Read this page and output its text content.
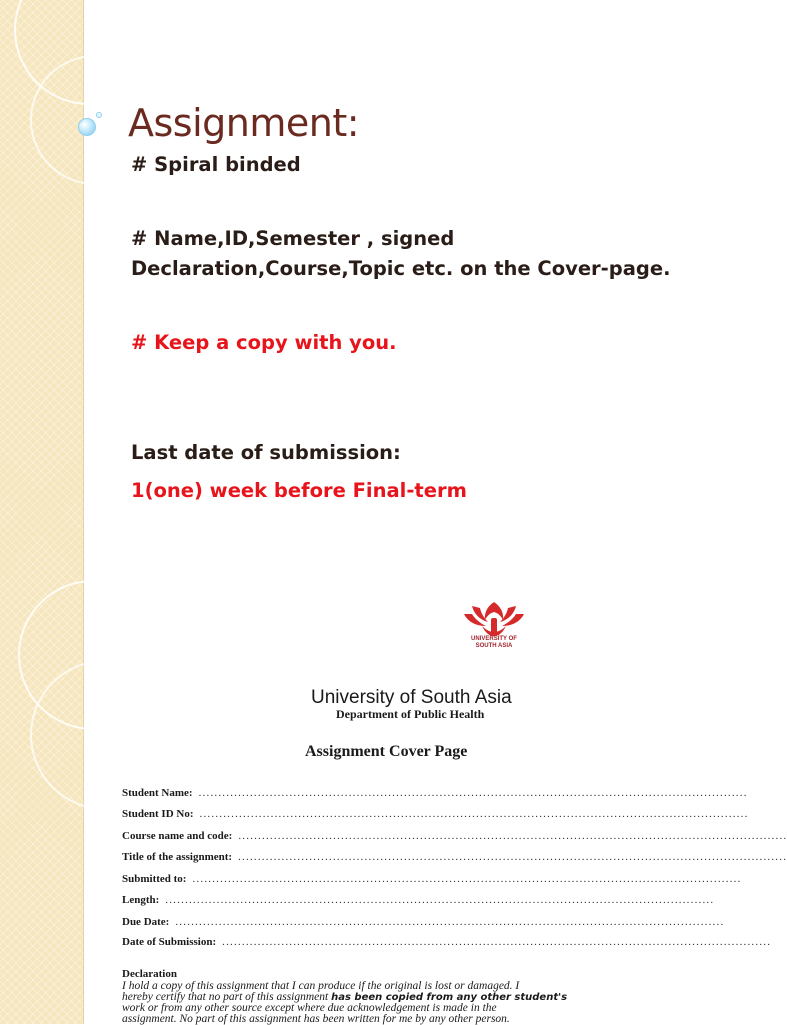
Assignment:
# Spiral binded
# Name,ID,Semester , signed
Declaration,Course,Topic etc. on the Cover-page.
# Keep a copy with you.
Last date of submission:
1(one) week before Final-term
UNIVERSITY OF
SOUTH ASIA
University of South Asia
Department of Public Health
Assignment Cover Page
Student Name: ...........................................................................................................................................
Student ID No: ...........................................................................................................................................
Course name and code: ...........................................................................................................................................
Title of the assignment: ...........................................................................................................................................
Submitted to: ...........................................................................................................................................
Length: ...........................................................................................................................................
Due Date: ...........................................................................................................................................
Date of Submission: ...........................................................................................................................................
Declaration
I hold a copy of this assignment that I can produce if the original is lost or damaged. I
hereby certify that no part of this assignment has been copied from any other student's
work or from any other source except where due acknowledgement is made in the
assignment. No part of this assignment has been written for me by any other person.
